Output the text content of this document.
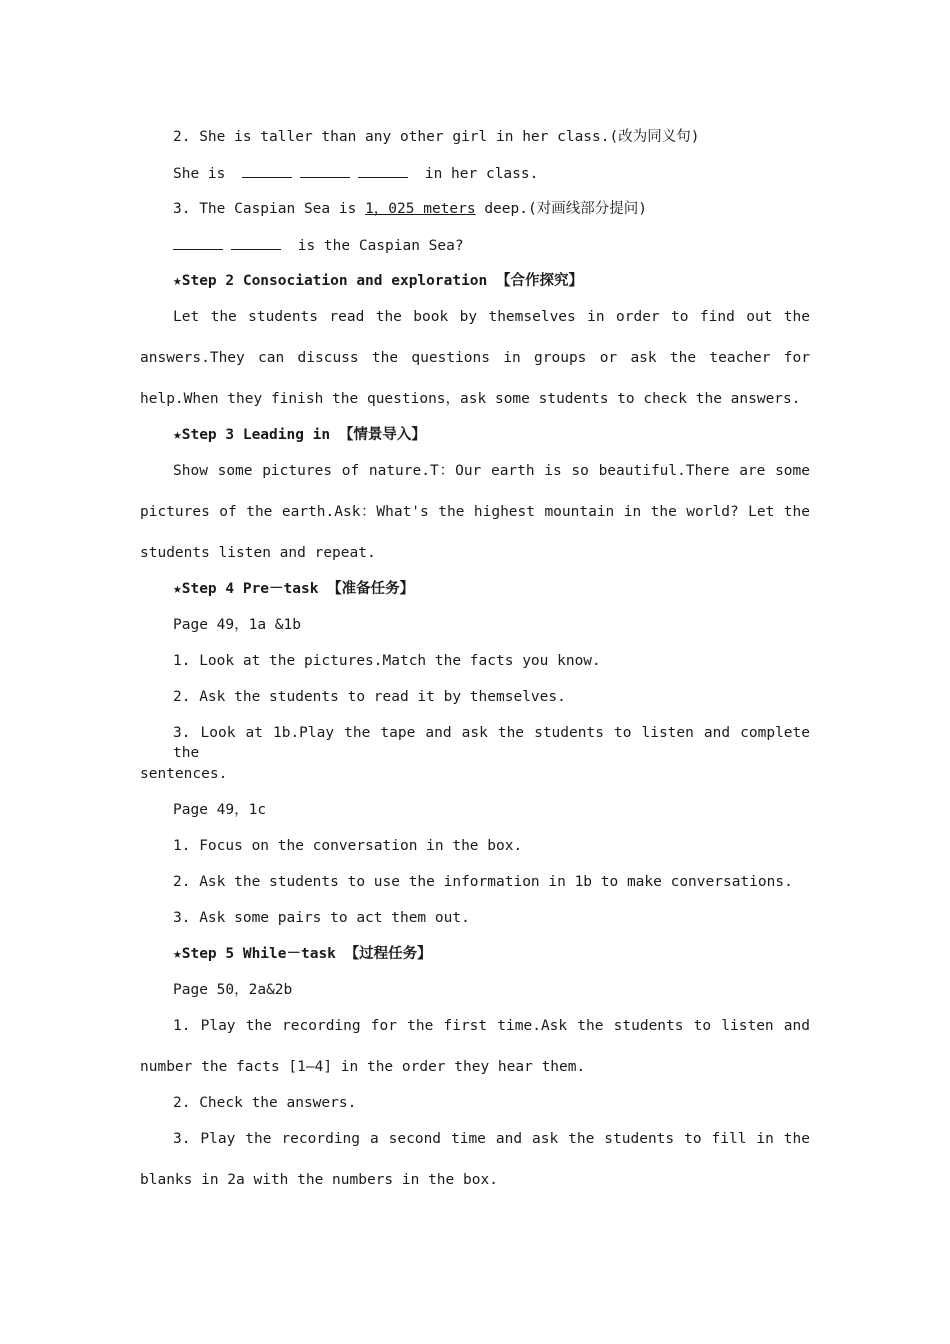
2. She is taller than any other girl in her class.(改为同义句)
She is	in her class.
3. The Caspian Sea is 1，025 meters deep.(对画线部分提问)
is the Caspian Sea?
★Step 2 Consociation and exploration 【合作探究】
Let the students read the book by themselves in order to find out the
answers.They can discuss the questions in groups or ask the teacher for
help.When they finish the questions，ask some students to check the answers.
★Step 3 Leading in 【情景导入】
Show some pictures of nature.T：Our earth is so beautiful.There are some
pictures of the earth.Ask：What's the highest mountain in the world? Let the
students listen and repeat.
★Step 4 Pre－task 【准备任务】
Page 49，1a &1b
1. Look at the pictures.Match the facts you know.
2. Ask the students to read it by themselves.
3. Look at 1b.Play the tape and ask the students to listen and complete the
sentences.
Page 49，1c
1. Focus on the conversation in the box.
2. Ask the students to use the information in 1b to make conversations.
3. Ask some pairs to act them out.
★Step 5 While－task 【过程任务】
Page 50，2a&2b
1. Play the recording for the first time.Ask the students to listen and
number the facts [1—4] in the order they hear them.
2. Check the answers.
3. Play the recording a second time and ask the students to fill in the
blanks in 2a with the numbers in the box.
